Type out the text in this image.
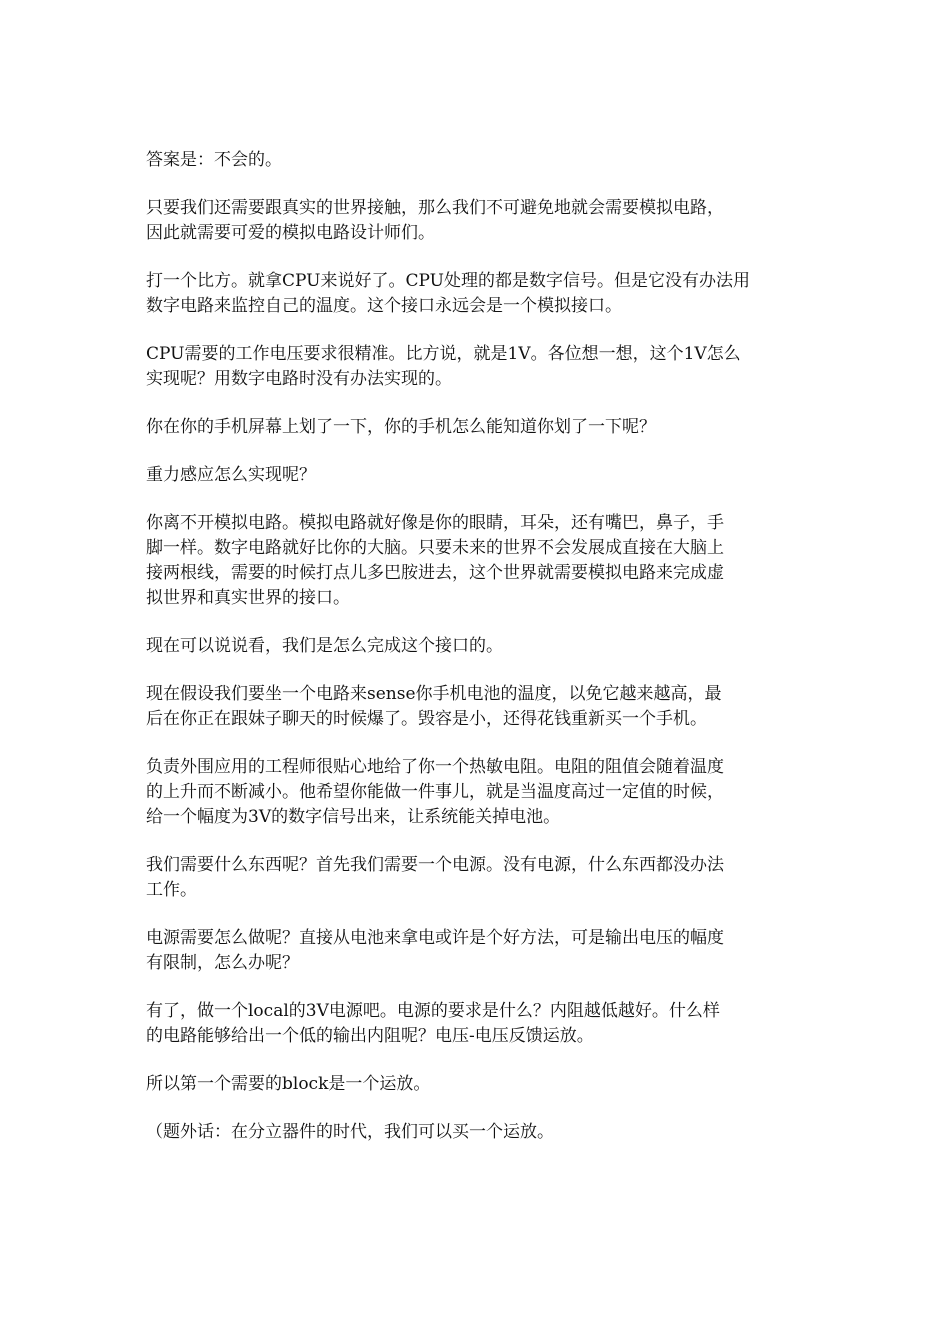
答案是：不会的。

只要我们还需要跟真实的世界接触，那么我们不可避免地就会需要模拟电路，
因此就需要可爱的模拟电路设计师们。

打一个比方。就拿CPU来说好了。CPU处理的都是数字信号。但是它没有办法用
数字电路来监控自己的温度。这个接口永远会是一个模拟接口。

CPU需要的工作电压要求很精准。比方说，就是1V。各位想一想，这个1V怎么
实现呢？用数字电路时没有办法实现的。

你在你的手机屏幕上划了一下，你的手机怎么能知道你划了一下呢？

重力感应怎么实现呢？

你离不开模拟电路。模拟电路就好像是你的眼睛，耳朵，还有嘴巴，鼻子，手
脚一样。数字电路就好比你的大脑。只要未来的世界不会发展成直接在大脑上
接两根线，需要的时候打点儿多巴胺进去，这个世界就需要模拟电路来完成虚
拟世界和真实世界的接口。

现在可以说说看，我们是怎么完成这个接口的。

现在假设我们要坐一个电路来sense你手机电池的温度，以免它越来越高，最
后在你正在跟妹子聊天的时候爆了。毁容是小，还得花钱重新买一个手机。

负责外围应用的工程师很贴心地给了你一个热敏电阻。电阻的阻值会随着温度
的上升而不断减小。他希望你能做一件事儿，就是当温度高过一定值的时候，
给一个幅度为3V的数字信号出来，让系统能关掉电池。

我们需要什么东西呢？首先我们需要一个电源。没有电源，什么东西都没办法
工作。

电源需要怎么做呢？直接从电池来拿电或许是个好方法，可是输出电压的幅度
有限制，怎么办呢？

有了，做一个local的3V电源吧。电源的要求是什么？内阻越低越好。什么样
的电路能够给出一个低的输出内阻呢？电压-电压反馈运放。

所以第一个需要的block是一个运放。

（题外话：在分立器件的时代，我们可以买一个运放。
